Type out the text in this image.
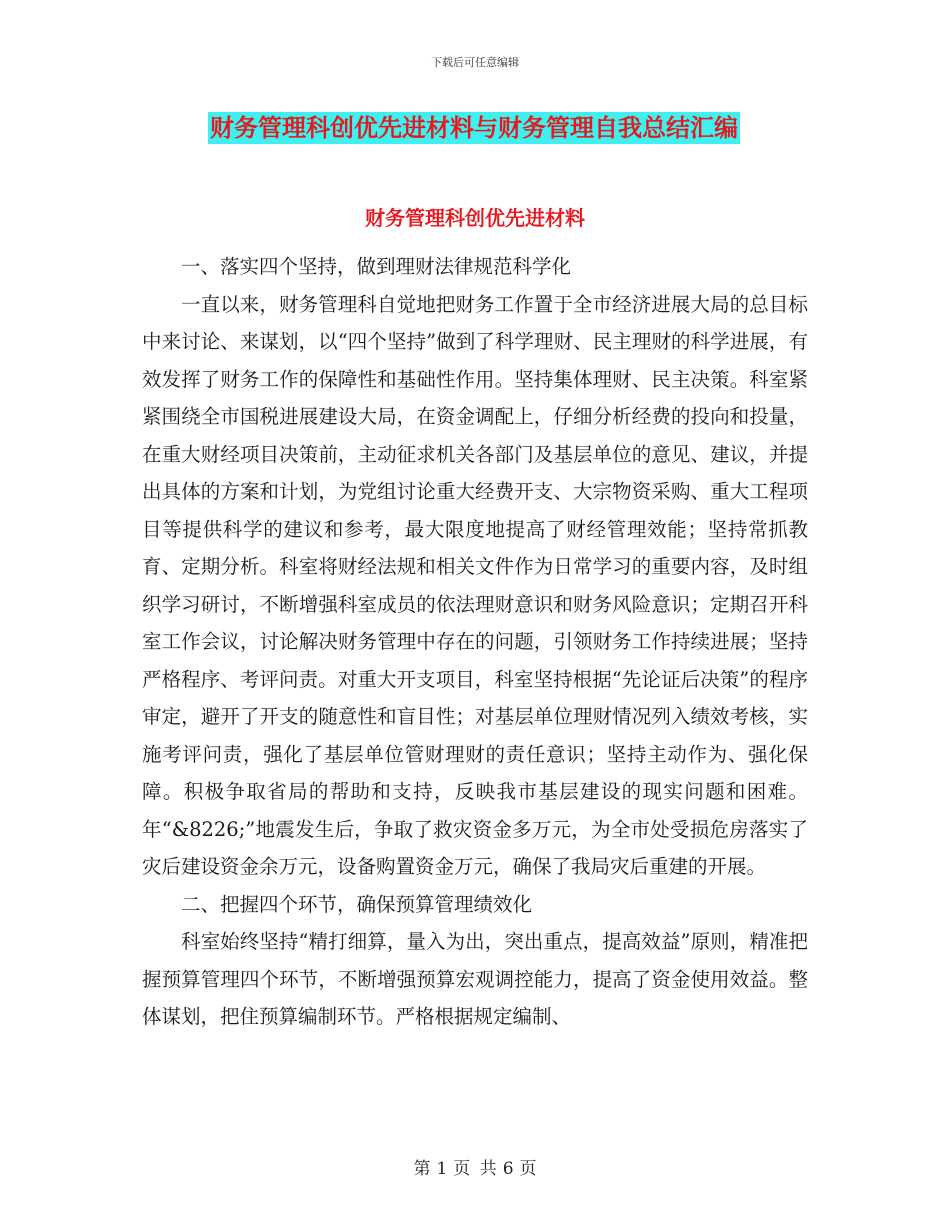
下载后可任意编辑
财务管理科创优先进材料与财务管理自我总结汇编
财务管理科创优先进材料

一、落实四个坚持，做到理财法律规范科学化

一直以来，财务管理科自觉地把财务工作置于全市经济进展大局的总目标中来讨论、来谋划，以“四个坚持”做到了科学理财、民主理财的科学进展，有效发挥了财务工作的保障性和基础性作用。坚持集体理财、民主决策。科室紧紧围绕全市国税进展建设大局，在资金调配上，仔细分析经费的投向和投量，在重大财经项目决策前，主动征求机关各部门及基层单位的意见、建议，并提出具体的方案和计划，为党组讨论重大经费开支、大宗物资采购、重大工程项目等提供科学的建议和参考，最大限度地提高了财经管理效能；坚持常抓教育、定期分析。科室将财经法规和相关文件作为日常学习的重要内容，及时组织学习研讨，不断增强科室成员的依法理财意识和财务风险意识；定期召开科室工作会议，讨论解决财务管理中存在的问题，引领财务工作持续进展；坚持严格程序、考评问责。对重大开支项目，科室坚持根据“先论证后决策”的程序审定，避开了开支的随意性和盲目性；对基层单位理财情况列入绩效考核，实施考评问责，强化了基层单位管财理财的责任意识；坚持主动作为、强化保障。积极争取省局的帮助和支持，反映我市基层建设的现实问题和困难。年“&8226;”地震发生后，争取了救灾资金多万元，为全市处受损危房落实了灾后建设资金余万元，设备购置资金万元，确保了我局灾后重建的开展。

二、把握四个环节，确保预算管理绩效化

科室始终坚持“精打细算，量入为出，突出重点，提高效益”原则，精准把握预算管理四个环节，不断增强预算宏观调控能力，提高了资金使用效益。整体谋划，把住预算编制环节。严格根据规定编制、

第 1 页 共 6 页
